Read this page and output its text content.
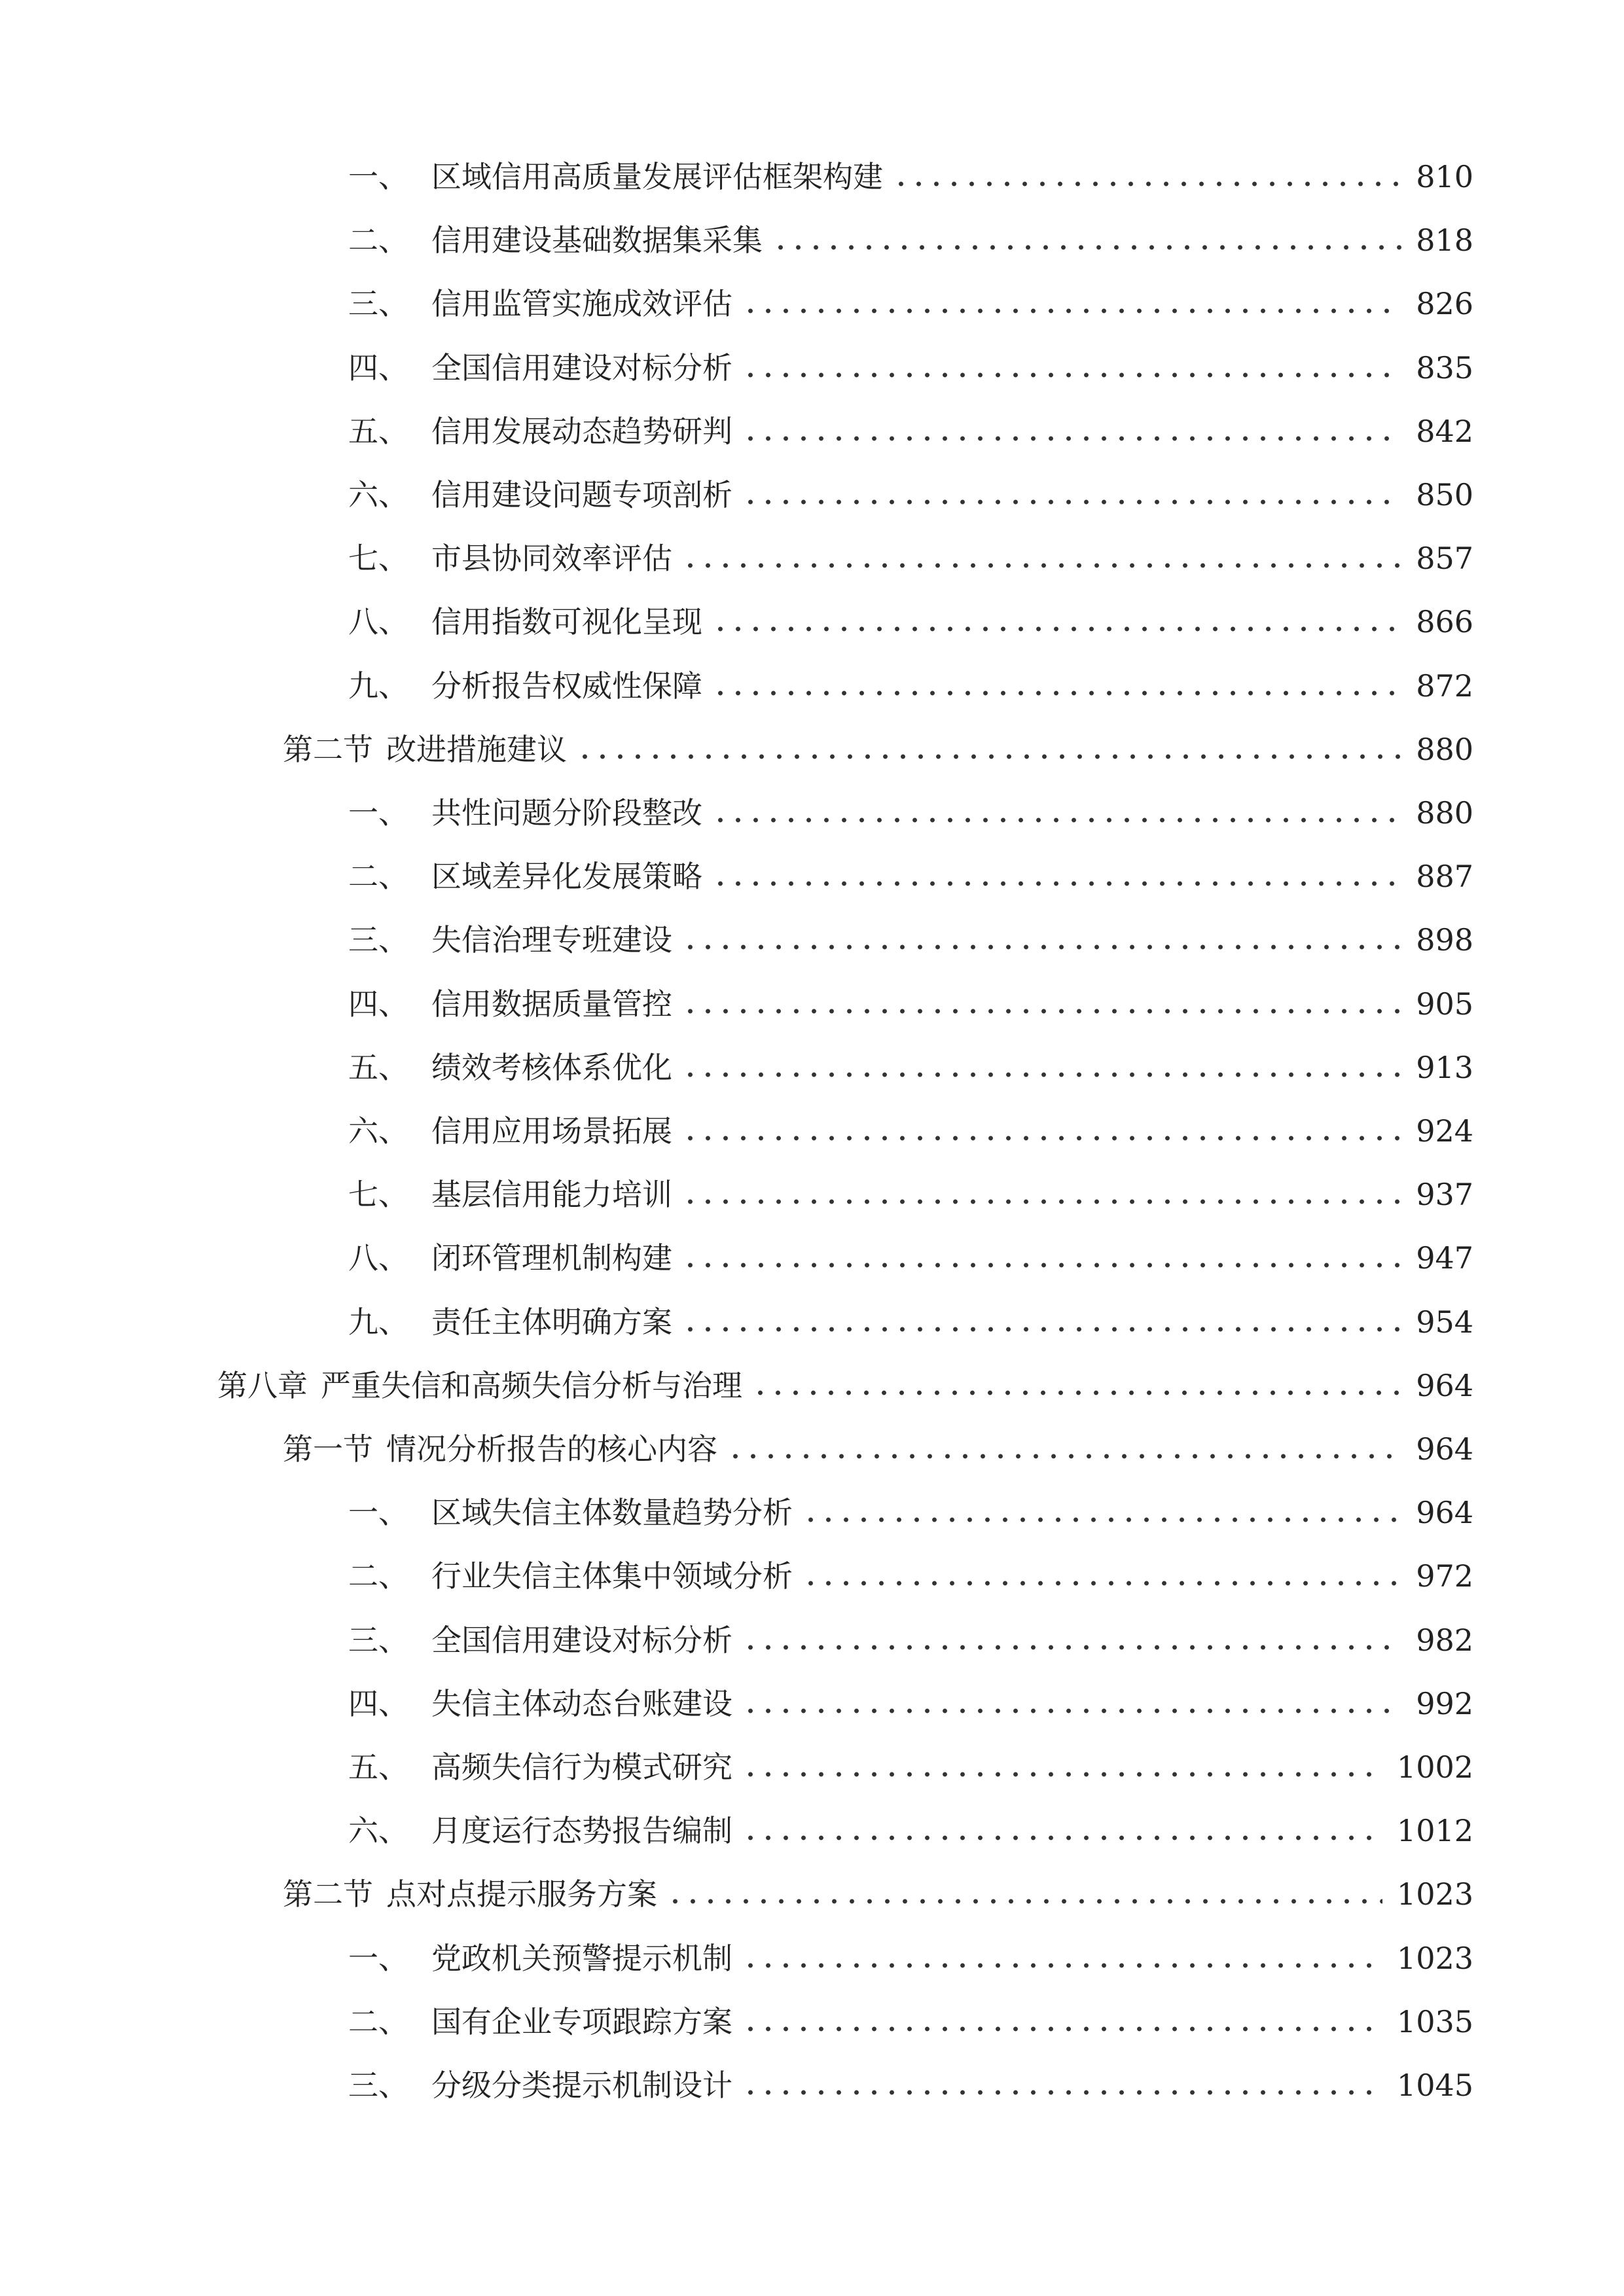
一、 区域信用高质量发展评估框架构建	810
二、 信用建设基础数据集采集	818
三、 信用监管实施成效评估	826
四、 全国信用建设对标分析	835
五、 信用发展动态趋势研判	842
六、 信用建设问题专项剖析	850
七、 市县协同效率评估	857
八、 信用指数可视化呈现	866
九、 分析报告权威性保障	872
第二节 改进措施建议	880
一、 共性问题分阶段整改	880
二、 区域差异化发展策略	887
三、 失信治理专班建设	898
四、 信用数据质量管控	905
五、 绩效考核体系优化	913
六、 信用应用场景拓展	924
七、 基层信用能力培训	937
八、 闭环管理机制构建	947
九、 责任主体明确方案	954
第八章 严重失信和高频失信分析与治理	964
第一节 情况分析报告的核心内容	964
一、 区域失信主体数量趋势分析	964
二、 行业失信主体集中领域分析	972
三、 全国信用建设对标分析	982
四、 失信主体动态台账建设	992
五、 高频失信行为模式研究	1002
六、 月度运行态势报告编制	1012
第二节 点对点提示服务方案	1023
一、 党政机关预警提示机制	1023
二、 国有企业专项跟踪方案	1035
三、 分级分类提示机制设计	1045
